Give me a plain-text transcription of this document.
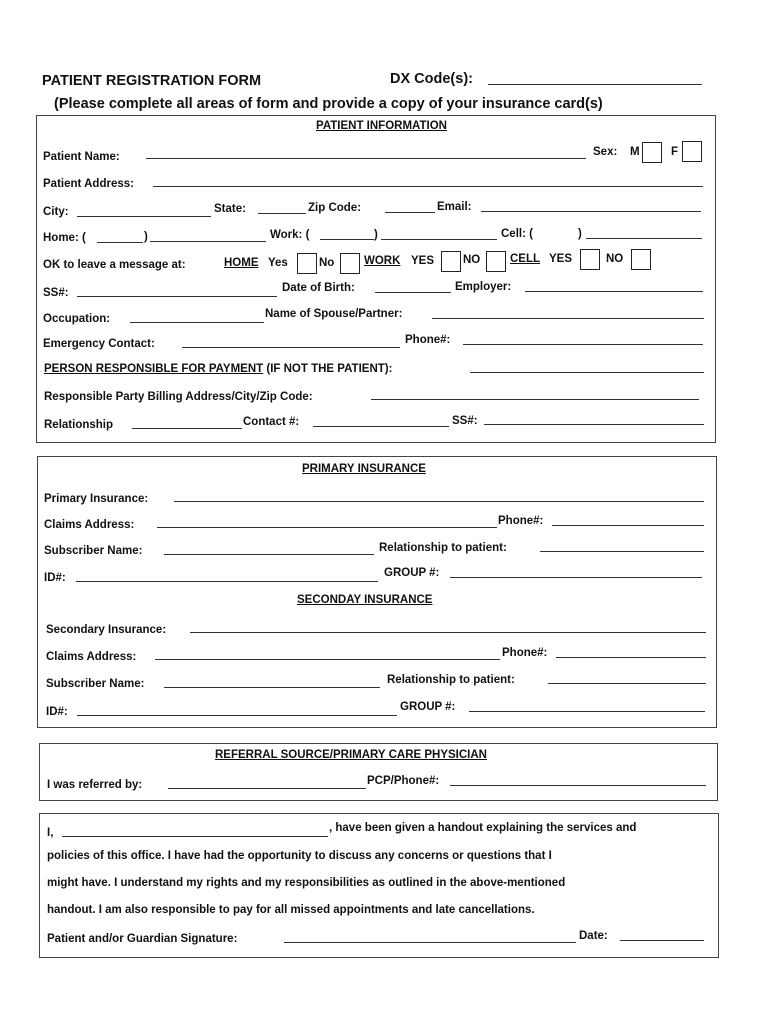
PATIENT REGISTRATION FORM	DX Code(s):
(Please complete all areas of form and provide a copy of your insurance card(s)
PATIENT INFORMATION
Patient Name:	Sex: M	F
Patient Address:
City:	State:	Zip Code:	Email:
Home: (	)	Work: (	)	Cell: (	)
OK to leave a message at:	HOME Yes	No	WORK YES	NO	CELL YES	NO
SS#:	Date of Birth:	Employer:
Occupation:	Name of Spouse/Partner:
Emergency Contact:	Phone#:
PERSON RESPONSIBLE FOR PAYMENT (IF NOT THE PATIENT):
Responsible Party Billing Address/City/Zip Code:
Relationship	Contact #:	SS#:
PRIMARY INSURANCE
Primary Insurance:
Claims Address:	Phone#:
Subscriber Name:	Relationship to patient:
ID#:	GROUP #:
SECONDAY INSURANCE
Secondary Insurance:
Claims Address:	Phone#:
Subscriber Name:	Relationship to patient:
ID#:	GROUP #:
REFERRAL SOURCE/PRIMARY CARE PHYSICIAN
I was referred by:	PCP/Phone#:
I,	, have been given a handout explaining the services and
policies of this office. I have had the opportunity to discuss any concerns or questions that I
might have. I understand my rights and my responsibilities as outlined in the above-mentioned
handout. I am also responsible to pay for all missed appointments and late cancellations.
Patient and/or Guardian Signature:	Date:
